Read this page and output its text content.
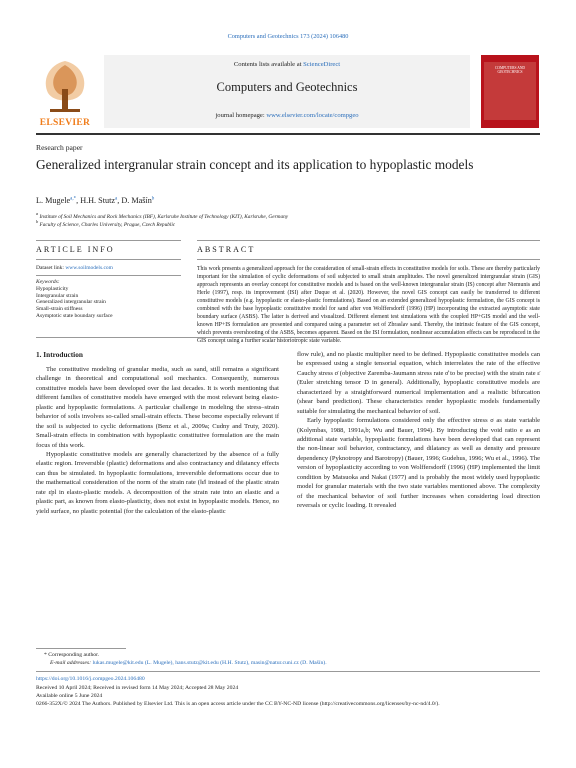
Computers and Geotechnics 173 (2024) 106480
ELSEVIER
Contents lists available at ScienceDirect
Computers and Geotechnics
journal homepage: www.elsevier.com/locate/compgeo
COMPUTERS AND GEOTECHNICS
Research paper
Generalized intergranular strain concept and its application to hypoplastic models
L. Mugele$^{a,*}$, H.H. Stutz$^a$, D. Mašín$^b$
$^a$ Institute of Soil Mechanics and Rock Mechanics (IBF), Karlsruhe Institute of Technology (KIT), Karlsruhe, Germany
$^b$ Faculty of Science, Charles University, Prague, Czech Republic
ARTICLE INFO
Dataset link: www.soilmodels.com
Keywords:
Hypoplasticity
Intergranular strain
Generalized intergranular strain
Small-strain stiffness
Asymptotic state boundary surface
ABSTRACT
This work presents a generalized approach for the consideration of small-strain effects in constitutive models for soils. These are thereby particularly important for the simulation of cyclic deformations of soil subjected to small strain amplitudes. The novel generalized intergranular strain (GIS) approach represents an overlay concept for constitutive models and is based on the well-known intergranular strain (IS) concept after Niemunis and Herle (1997), resp. its improvement (ISI) after Duque et al. (2020). However, the novel GIS concept can easily be transferred to different constitutive models (e.g. hypoplastic or elasto-plastic formulations). Based on an extended generalized hypoplastic formulation, the GIS concept is combined with the base hypoplastic constitutive model for sand after von Wolffersdorff (1996) (HP) incorporating the extracted asymptotic state boundary surface (ASBS). The latter is derived and visualized. Different element test simulations with the coupled HP+GIS model and the well-known HP+IS formulation are presented and compared using a parameter set of Zbraslav sand. Thereby, the intrinsic feature of the GIS concept, which prevents overshooting of the ASBS, becomes apparent. Based on the ISI formulation, nonlinear accumulation effects can be reproduced in the GIS concept using a further scalar historiotropic state variable.
1. Introduction

The constitutive modeling of granular media, such as sand, still remains a significant challenge in theoretical and computational soil mechanics. Consequently, numerous constitutive models have been developed over the last decades. It is worth mentioning that different families of constitutive models have emerged with the most relevant being elasto-plastic and hypoplastic formulations. A particular challenge in modeling the stress–strain behavior of soils involves so-called small-strain effects. These become especially relevant if the soil is subjected to cyclic deformations (Benz et al., 2009a; Cudny and Truty, 2020). Small-strain effects in combination with hypoplastic constitutive formulation are the main focus of this work.

Hypoplastic constitutive models are generally characterized by the absence of a fully elastic region. Irreversible (plastic) deformations and also contractancy and dilatancy effects can thus be simulated. In hypoplastic formulations, irreversible deformations occur due to the mathematical consideration of the norm of the strain rate (‖ε̇‖ instead of the plastic strain rate ε̇pl in elasto-plastic models. A decomposition of the strain rate into an elastic and a plastic part, as known from elasto-plasticity, does not exist in hypoplastic models. Hence, no yield surface, no plastic potential (for the calculation of the elasto-plastic

flow rule), and no plastic multiplier need to be defined. Hypoplastic constitutive models can be expressed using a single tensorial equation, which interrelates the rate of the effective Cauchy stress σ̇ (objective Zaremba-Jaumann stress rate σ̊ to be precise) with the strain rate ε̇ (Euler stretching tensor D in general). Additionally, hypoplastic constitutive models are characterized by a straightforward numerical implementation and a realistic bifurcation (shear band prediction). These characteristics render hypoplastic models fundamentally suitable for simulating the mechanical behavior of soil.

Early hypoplastic formulations considered only the effective stress σ as state variable (Kolymbas, 1988, 1991a,b; Wu and Bauer, 1994). By introducing the void ratio e as an additional state variable, hypoplastic formulations have been developed that can represent the non-linear soil behavior, contractancy, and dilatancy as well as density and pressure dependency (Pyknotropy and Barotropy) (Bauer, 1996; Gudehus, 1996; Wu et al., 1996). The version of hypoplasticity according to von Wolffersdorff (1996) (HP) implemented the limit condition by Matsuoka and Nakai (1977) and is probably the most widely used hypoplastic model for granular materials with the two state variables mentioned above. The complexity of the mechanical behavior of soil further increases when considering load direction reversals or cyclic loading. It revealed

* Corresponding author.
E-mail addresses: lukas.mugele@kit.edu (L. Mugele), hans.stutz@kit.edu (H.H. Stutz), masin@natur.cuni.cz (D. Mašín).
https://doi.org/10.1016/j.compgeo.2024.106480
Received 10 April 2024; Received in revised form 14 May 2024; Accepted 28 May 2024
Available online 5 June 2024
0266-352X/© 2024 The Authors. Published by Elsevier Ltd. This is an open access article under the CC BY-NC-ND license (http://creativecommons.org/licenses/by-nc-nd/4.0/).
